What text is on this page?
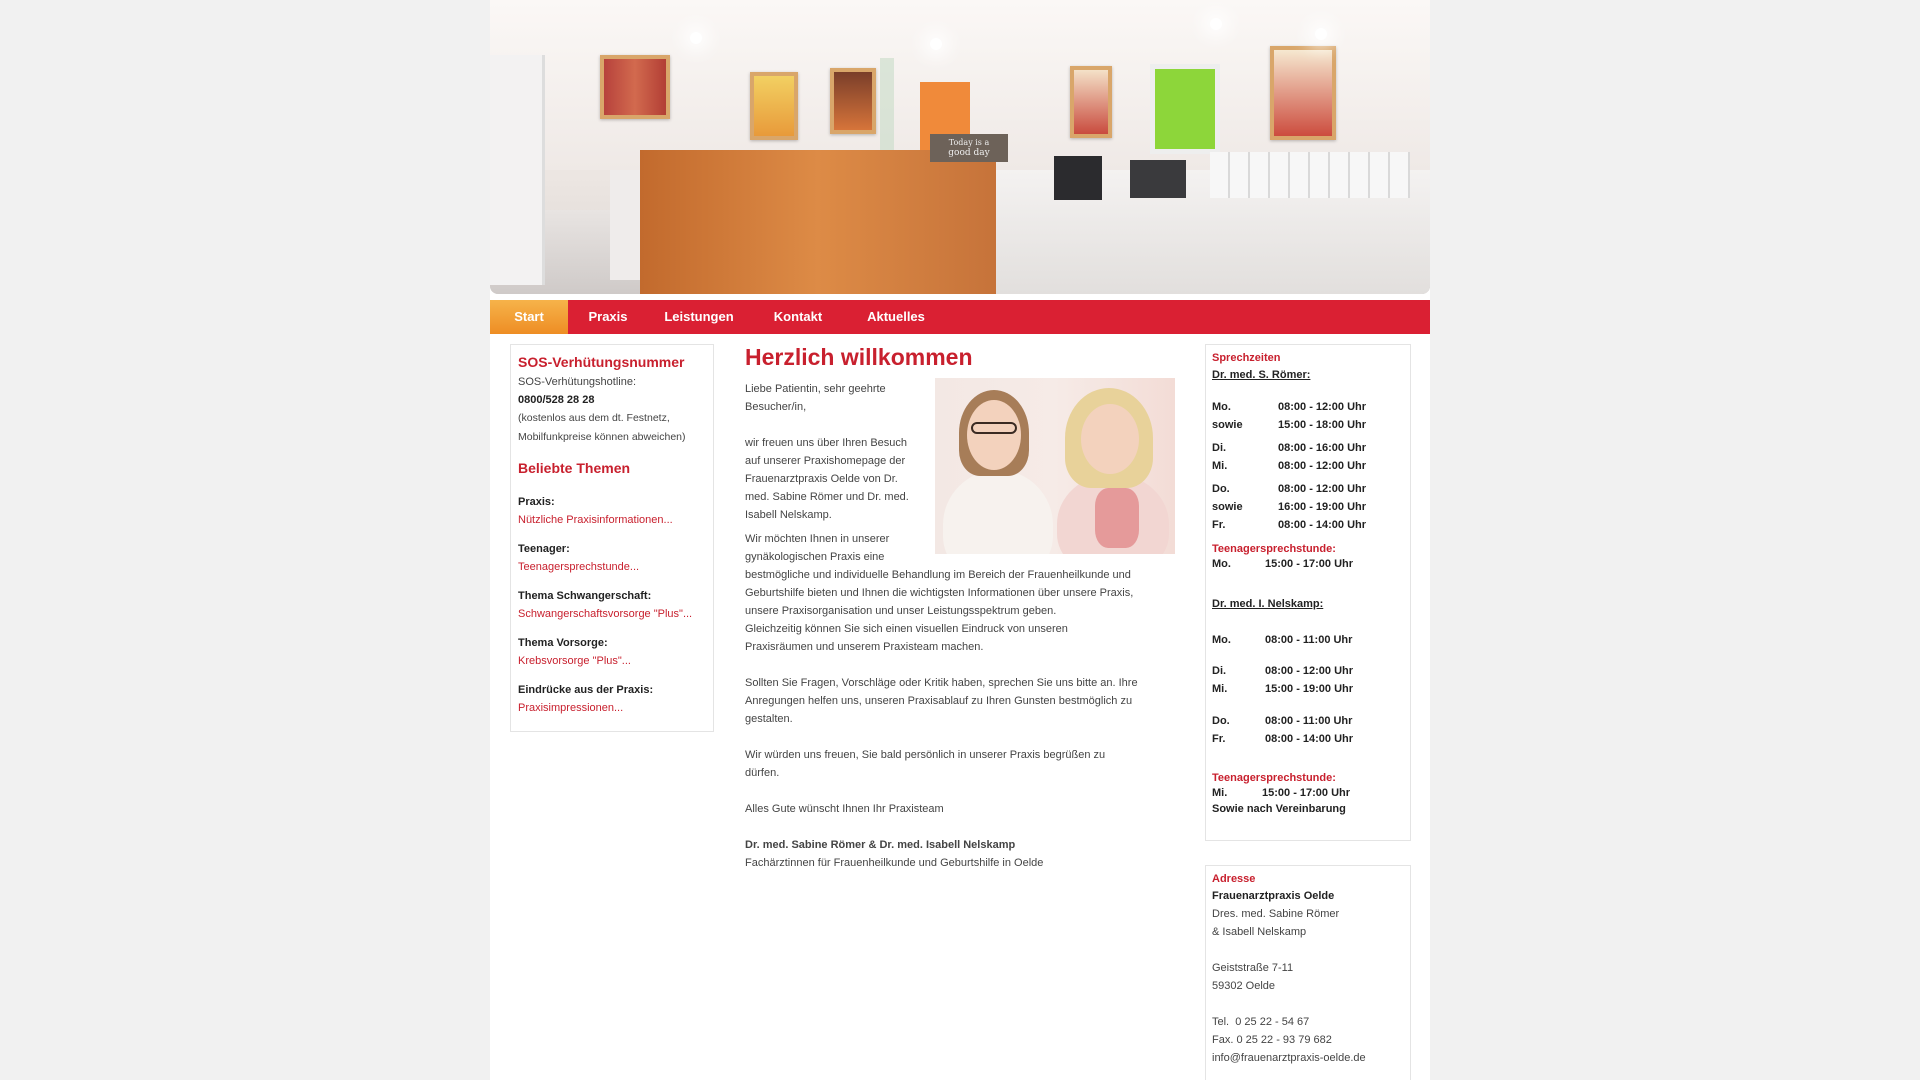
Today is a
good day
Start	Praxis	Leistungen	Kontakt	Aktuelles
SOS-Verhütungsnummer
SOS-Verhütungshotline:
0800/528 28 28
(kostenlos aus dem dt. Festnetz,
Mobilfunkpreise können abweichen)
Beliebte Themen
Praxis:
Nützliche Praxisinformationen...
Teenager:
Teenagersprechstunde...
Thema Schwangerschaft:
Schwangerschaftsvorsorge "Plus"...
Thema Vorsorge:
Krebsvorsorge "Plus"...
Eindrücke aus der Praxis:
Praxisimpressionen...
Herzlich willkommen
Liebe Patientin, sehr geehrte
Besucher/in,
wir freuen uns über Ihren Besuch
auf unserer Praxishomepage der
Frauenarztpraxis Oelde von Dr.
med. Sabine Römer und Dr. med.
Isabell Nelskamp.
Wir möchten Ihnen in unserer
gynäkologischen Praxis eine
bestmögliche und individuelle Behandlung im Bereich der Frauenheilkunde und
Geburtshilfe bieten und Ihnen die wichtigsten Informationen über unsere Praxis,
unsere Praxisorganisation und unser Leistungsspektrum geben.
Gleichzeitig können Sie sich einen visuellen Eindruck von unseren
Praxisräumen und unserem Praxisteam machen.
Sollten Sie Fragen, Vorschläge oder Kritik haben, sprechen Sie uns bitte an. Ihre
Anregungen helfen uns, unseren Praxisablauf zu Ihren Gunsten bestmöglich zu
gestalten.
Wir würden uns freuen, Sie bald persönlich in unserer Praxis begrüßen zu
dürfen.
Alles Gute wünscht Ihnen Ihr Praxisteam
Dr. med. Sabine Römer & Dr. med. Isabell Nelskamp
Fachärztinnen für Frauenheilkunde und Geburtshilfe in Oelde
Sprechzeiten
Dr. med. S. Römer:
Mo.	08:00 - 12:00 Uhr
sowie	15:00 - 18:00 Uhr
Di.	08:00 - 16:00 Uhr
Mi.	08:00 - 12:00 Uhr
Do.	08:00 - 12:00 Uhr
sowie	16:00 - 19:00 Uhr
Fr.	08:00 - 14:00 Uhr
Teenagersprechstunde:
Mo.	15:00 - 17:00 Uhr
Dr. med. I. Nelskamp:
Mo.	08:00 - 11:00 Uhr
Di.	08:00 - 12:00 Uhr
Mi.	15:00 - 19:00 Uhr
Do.	08:00 - 11:00 Uhr
Fr.	08:00 - 14:00 Uhr
Teenagersprechstunde:
Mi.	15:00 - 17:00 Uhr
Sowie nach Vereinbarung
Adresse
Frauenarztpraxis Oelde
Dres. med. Sabine Römer
& Isabell Nelskamp
Geiststraße 7-11
59302 Oelde
Tel.  0 25 22 - 54 67
Fax. 0 25 22 - 93 79 682
info@frauenarztpraxis-oelde.de
